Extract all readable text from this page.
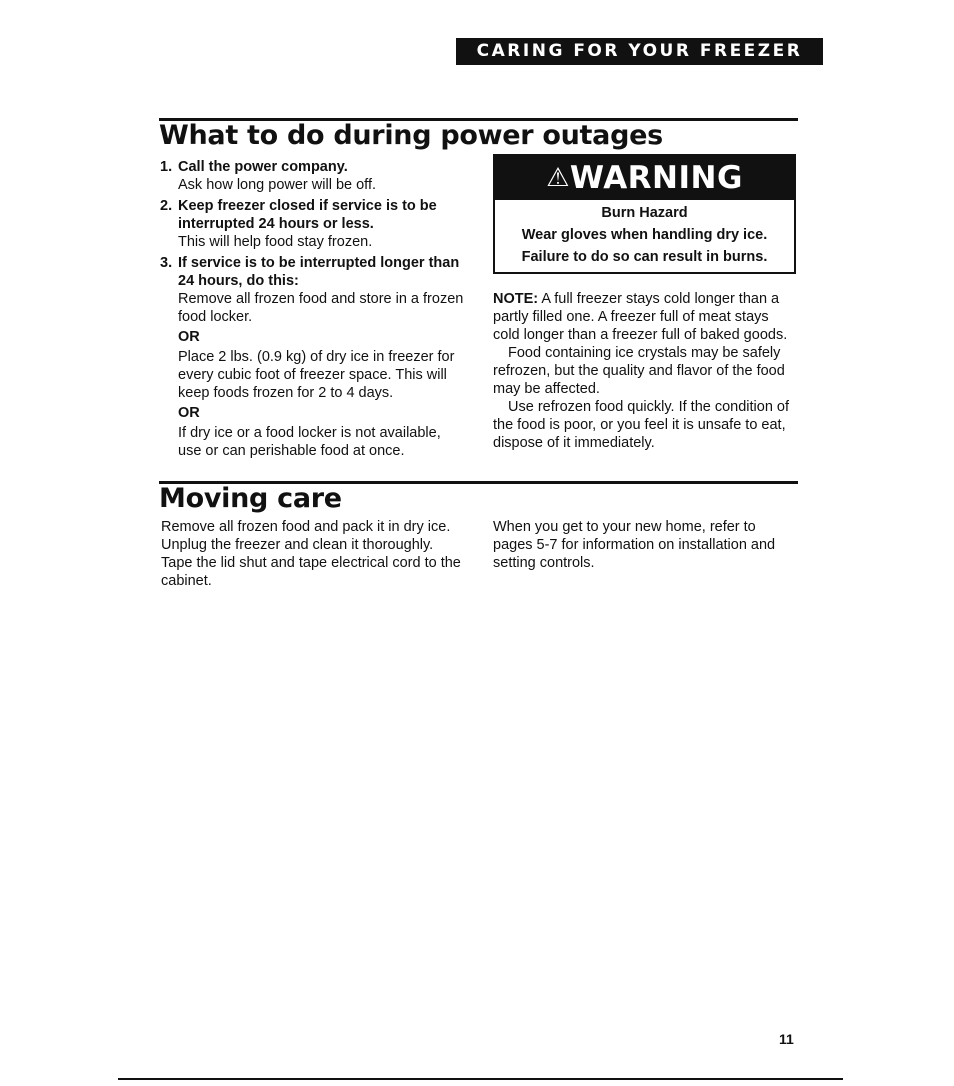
CARING FOR YOUR FREEZER
What to do during power outages
1. Call the power company.

Ask how long power will be off.

2. Keep freezer closed if service is to be interrupted 24 hours or less.

This will help food stay frozen.

3. If service is to be interrupted longer than 24 hours, do this:

Remove all frozen food and store in a frozen food locker.

OR

Place 2 lbs. (0.9 kg) of dry ice in freezer for every cubic foot of freezer space. This will keep foods frozen for 2 to 4 days.

OR

If dry ice or a food locker is not available, use or can perishable food at once.

⚠WARNING
Burn Hazard
Wear gloves when handling dry ice.
Failure to do so can result in burns.

NOTE: A full freezer stays cold longer than a partly filled one. A freezer full of meat stays cold longer than a freezer full of baked goods.

Food containing ice crystals may be safely refrozen, but the quality and flavor of the food may be affected.

Use refrozen food quickly. If the condition of the food is poor, or you feel it is unsafe to eat, dispose of it immediately.

Moving care
Remove all frozen food and pack it in dry ice. Unplug the freezer and clean it thoroughly. Tape the lid shut and tape electrical cord to the cabinet.
When you get to your new home, refer to pages 5-7 for information on installation and setting controls.
11
